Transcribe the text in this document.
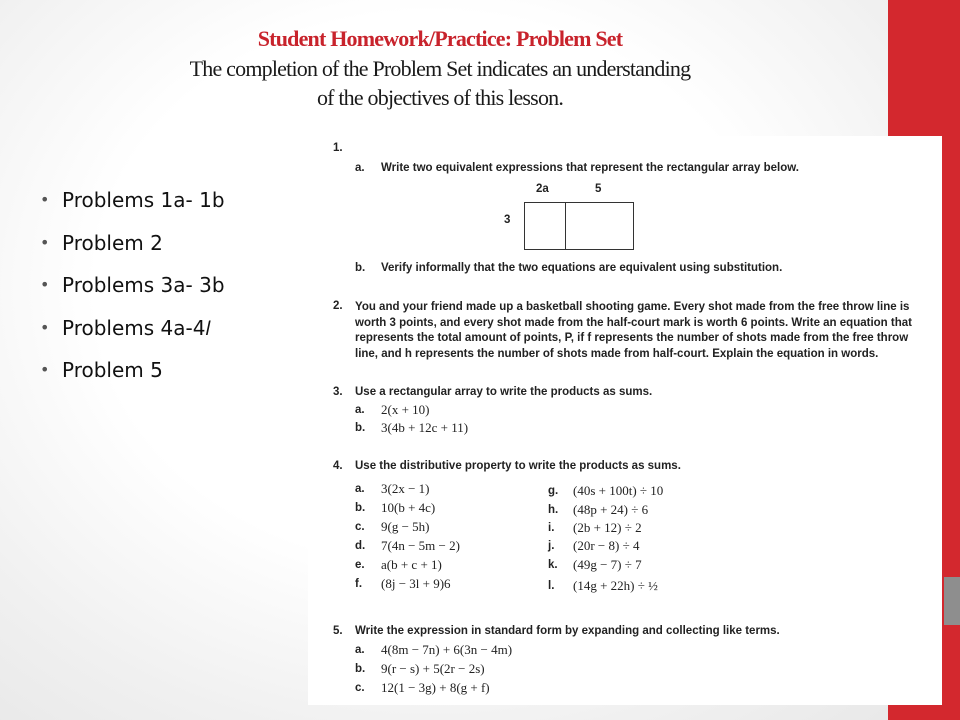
Student Homework/Practice: Problem Set
The completion of the Problem Set indicates an understanding
of the objectives of this lesson.
• Problems 1a- 1b
• Problem 2
• Problems 3a- 3b
• Problems 4a-4𝑙
• Problem 5
1.
a. Write two equivalent expressions that represent the rectangular array below.
2a	5
3
b. Verify informally that the two equations are equivalent using substitution.
2. You and your friend made up a basketball shooting game. Every shot made from the free throw line is worth 3 points, and every shot made from the half-court mark is worth 6 points. Write an equation that represents the total amount of points, P, if f represents the number of shots made from the free throw line, and h represents the number of shots made from half-court. Explain the equation in words.
3. Use a rectangular array to write the products as sums.
a. 2(x + 10)
b. 3(4b + 12c + 11)
4. Use the distributive property to write the products as sums.
a. 3(2x − 1)
b. 10(b + 4c)
c. 9(g − 5h)
d. 7(4n − 5m − 2)
e. a(b + c + 1)
f. (8j − 3l + 9)6
g. (40s + 100t) ÷ 10
h. (48p + 24) ÷ 6
i. (2b + 12) ÷ 2
j. (20r − 8) ÷ 4
k. (49g − 7) ÷ 7
l. (14g + 22h) ÷ ½
5. Write the expression in standard form by expanding and collecting like terms.
a. 4(8m − 7n) + 6(3n − 4m)
b. 9(r − s) + 5(2r − 2s)
c. 12(1 − 3g) + 8(g + f)
